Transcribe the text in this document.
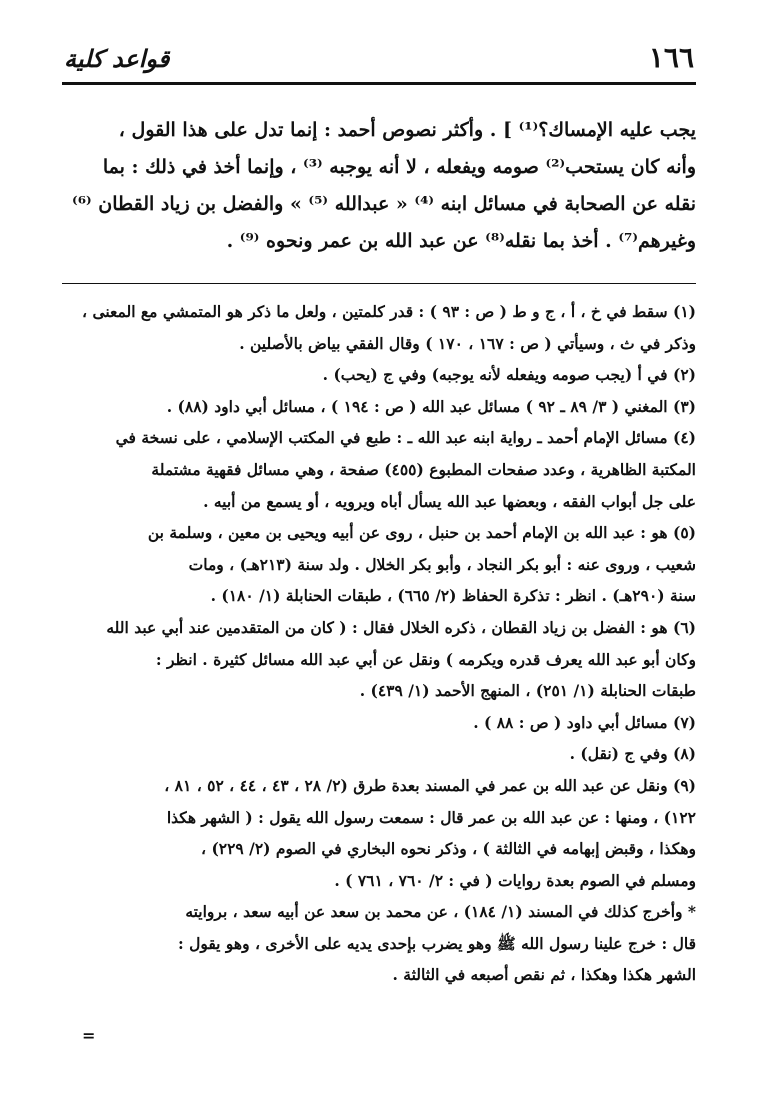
١٦٦
قواعد كلية
يجب عليه الإمساك؟⁽¹⁾ ] . وأكثر نصوص أحمد : إنما تدل على هذا القول ،
وأنه كان يستحب⁽²⁾ صومه ويفعله ، لا أنه يوجبه ⁽³⁾ ، وإنما أخذ في ذلك : بما
نقله عن الصحابة في مسائل ابنه ⁽⁴⁾ « عبدالله ⁽⁵⁾ » والفضل بن زياد القطان ⁽⁶⁾
وغيرهم⁽⁷⁾ . أخذ بما نقله⁽⁸⁾ عن عبد الله بن عمر ونحوه ⁽⁹⁾ .
(١) سقط في خ ، أ ، ج و ط ( ص : ٩٣ ) : قدر كلمتين ، ولعل ما ذكر هو المتمشي مع المعنى ،
وذكر في ث ، وسيأتي ( ص : ١٦٧ ، ١٧٠ ) وقال الفقي بياض بالأصلين .
(٢) في أ (يجب صومه ويفعله لأنه يوجبه) وفي ج (يحب) .
(٣) المغني ( ٣/ ٨٩ ـ ٩٢ ) مسائل عبد الله ( ص : ١٩٤ ) ، مسائل أبي داود (٨٨) .
(٤) مسائل الإمام أحمد ـ رواية ابنه عبد الله ـ : طبع في المكتب الإسلامي ، على نسخة في
المكتبة الظاهرية ، وعدد صفحات المطبوع (٤٥٥) صفحة ، وهي مسائل فقهية مشتملة
على جل أبواب الفقه ، وبعضها عبد الله يسأل أباه ويرويه ، أو يسمع من أبيه .
(٥) هو : عبد الله بن الإمام أحمد بن حنبل ، روى عن أبيه ويحيى بن معين ، وسلمة بن
شعيب ، وروى عنه : أبو بكر النجاد ، وأبو بكر الخلال . ولد سنة (٢١٣هـ) ، ومات
سنة (٢٩٠هـ) . انظر : تذكرة الحفاظ (٢/ ٦٦٥) ، طبقات الحنابلة (١/ ١٨٠) .
(٦) هو : الفضل بن زياد القطان ، ذكره الخلال فقال : ( كان من المتقدمين عند أبي عبد الله
وكان أبو عبد الله يعرف قدره ويكرمه ) ونقل عن أبي عبد الله مسائل كثيرة . انظر :
طبقات الحنابلة (١/ ٢٥١) ، المنهج الأحمد (١/ ٤٣٩) .
(٧) مسائل أبي داود ( ص : ٨٨ ) .
(٨) وفي ج (نقل) .
(٩) ونقل عن عبد الله بن عمر في المسند بعدة طرق (٢/ ٢٨ ، ٤٣ ، ٤٤ ، ٥٢ ، ٨١ ،
١٢٢) ، ومنها : عن عبد الله بن عمر قال : سمعت رسول الله يقول : ( الشهر هكذا
وهكذا ، وقبض إبهامه في الثالثة ) ، وذكر نحوه البخاري في الصوم (٢/ ٢٢٩) ،
ومسلم في الصوم بعدة روايات ( في : ٢/ ٧٦٠ ، ٧٦١ ) .
* وأخرج كذلك في المسند (١/ ١٨٤) ، عن محمد بن سعد عن أبيه سعد ، بروايته
قال : خرج علينا رسول الله ﷺ وهو يضرب بإحدى يديه على الأخرى ، وهو يقول :
الشهر هكذا وهكذا ، ثم نقص أصبعه في الثالثة .
=
